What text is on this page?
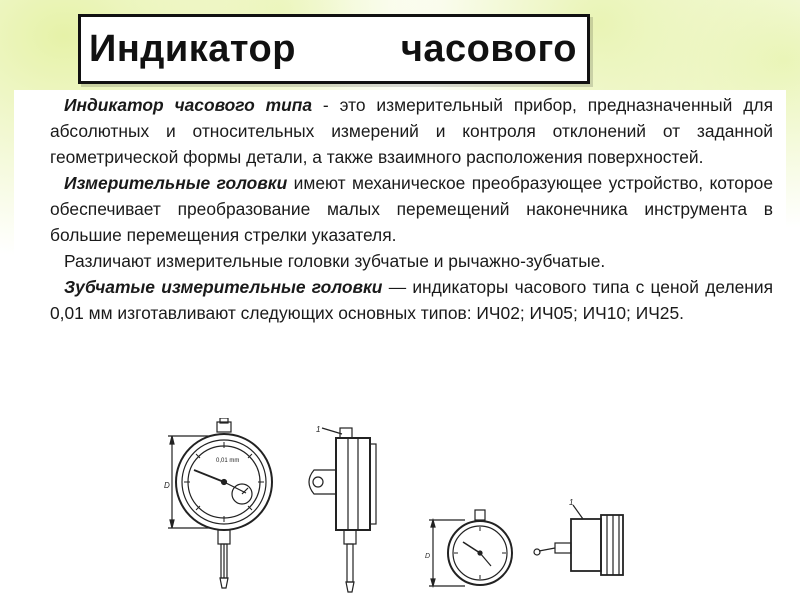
Индикатор	часового

Индикатор часового типа - это измерительный прибор, предназначенный для абсолютных и относительных измерений и контроля отклонений от заданной геометрической формы детали, а также взаимного расположения поверхностей.

Измерительные головки имеют механическое преобразующее устройство, которое обеспечивает преобразование малых перемещений наконечника инструмента в большие перемещения стрелки указателя.

Различают измерительные головки зубчатые и рычажно-зубчатые.

Зубчатые измерительные головки — индикаторы часового типа с ценой деления 0,01 мм изготавливают следующих основных типов: ИЧ02; ИЧ05; ИЧ10; ИЧ25.

0,01 mm
D
1
D
1
